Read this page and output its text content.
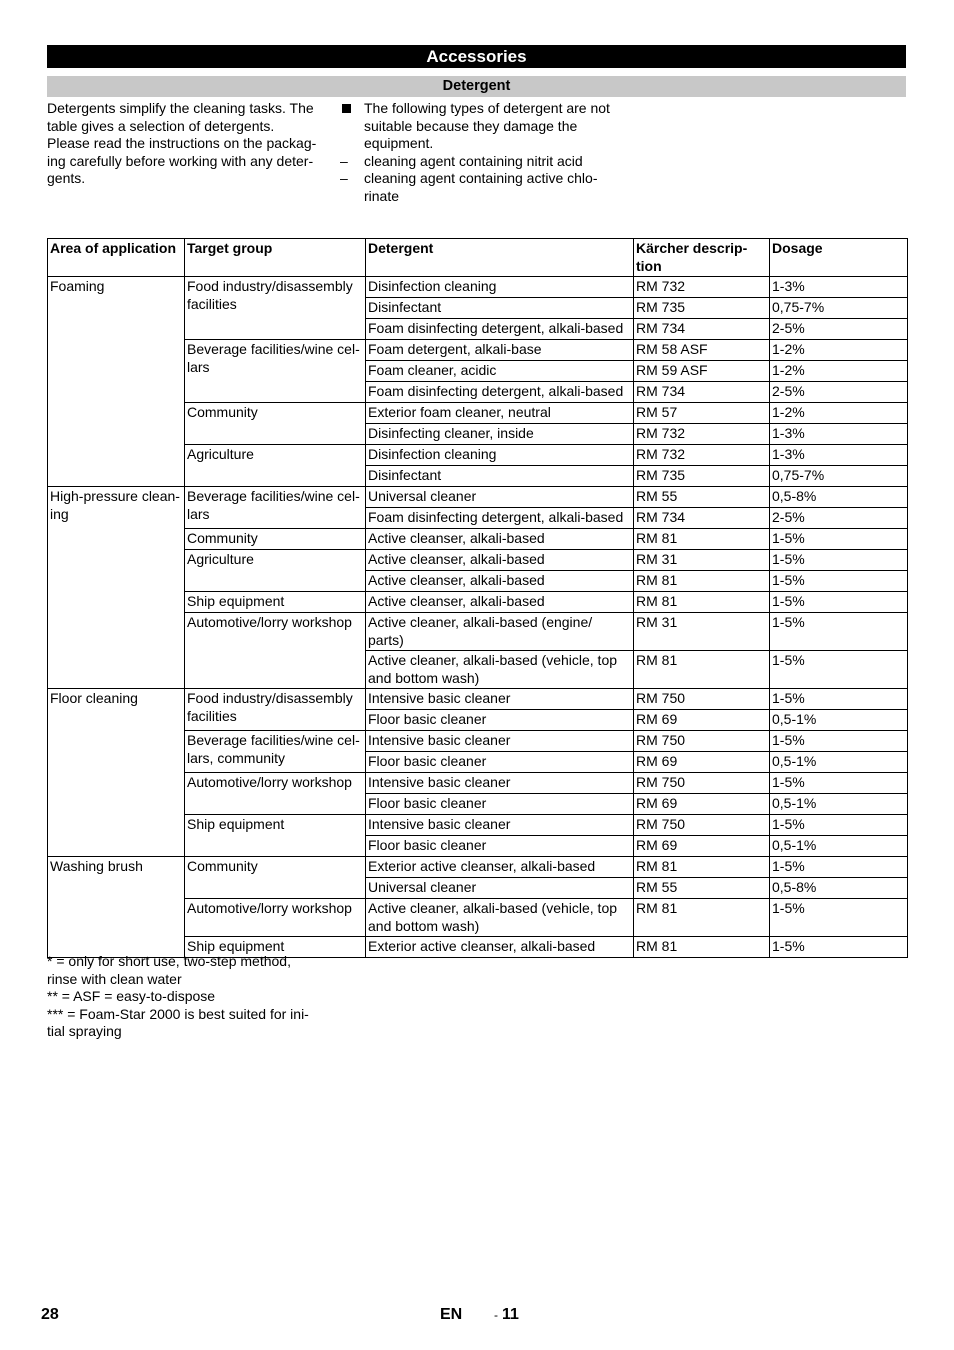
Accessories
Detergent
Detergents simplify the cleaning tasks. The
table gives a selection of detergents.
Please read the instructions on the packag-
ing carefully before working with any deter-
gents.
The following types of detergent are not
suitable because they damage the
equipment.
–	cleaning agent containing nitrit acid
–	cleaning agent containing active chlo-
rinate
Area of application	Target group	Detergent	Kärcher descrip-
tion	Dosage

Foaming	Food industry/disassembly
facilities	Disinfection cleaning	RM 732	1-3%

		Disinfectant	RM 735	0,75-7%

		Foam disinfecting detergent, alkali-based	RM 734	2-5%

	Beverage facilities/wine cel-
lars	Foam detergent, alkali-base	RM 58 ASF	1-2%

		Foam cleaner, acidic	RM 59 ASF	1-2%

		Foam disinfecting detergent, alkali-based	RM 734	2-5%

	Community	Exterior foam cleaner, neutral	RM 57	1-2%

		Disinfecting cleaner, inside	RM 732	1-3%

	Agriculture	Disinfection cleaning	RM 732	1-3%

		Disinfectant	RM 735	0,75-7%

High-pressure clean-
ing	Beverage facilities/wine cel-
lars	Universal cleaner	RM 55	0,5-8%

		Foam disinfecting detergent, alkali-based	RM 734	2-5%

	Community	Active cleanser, alkali-based	RM 81	1-5%

	Agriculture	Active cleanser, alkali-based	RM 31	1-5%

		Active cleanser, alkali-based	RM 81	1-5%

	Ship equipment	Active cleanser, alkali-based	RM 81	1-5%

	Automotive/lorry workshop	Active cleaner, alkali-based (engine/
parts)	RM 31	1-5%

		Active cleaner, alkali-based (vehicle, top
and bottom wash)	RM 81	1-5%

Floor cleaning	Food industry/disassembly
facilities	Intensive basic cleaner	RM 750	1-5%

		Floor basic cleaner	RM 69	0,5-1%

	Beverage facilities/wine cel-
lars, community	Intensive basic cleaner	RM 750	1-5%

		Floor basic cleaner	RM 69	0,5-1%

	Automotive/lorry workshop	Intensive basic cleaner	RM 750	1-5%

		Floor basic cleaner	RM 69	0,5-1%

	Ship equipment	Intensive basic cleaner	RM 750	1-5%

		Floor basic cleaner	RM 69	0,5-1%

Washing brush	Community	Exterior active cleanser, alkali-based	RM 81	1-5%

		Universal cleaner	RM 55	0,5-8%

	Automotive/lorry workshop	Active cleaner, alkali-based (vehicle, top
and bottom wash)	RM 81	1-5%

	Ship equipment	Exterior active cleanser, alkali-based	RM 81	1-5%
* = only for short use, two-step method,
rinse with clean water
** = ASF = easy-to-dispose
*** = Foam-Star 2000 is best suited for ini-
tial spraying
28	EN	- 11
